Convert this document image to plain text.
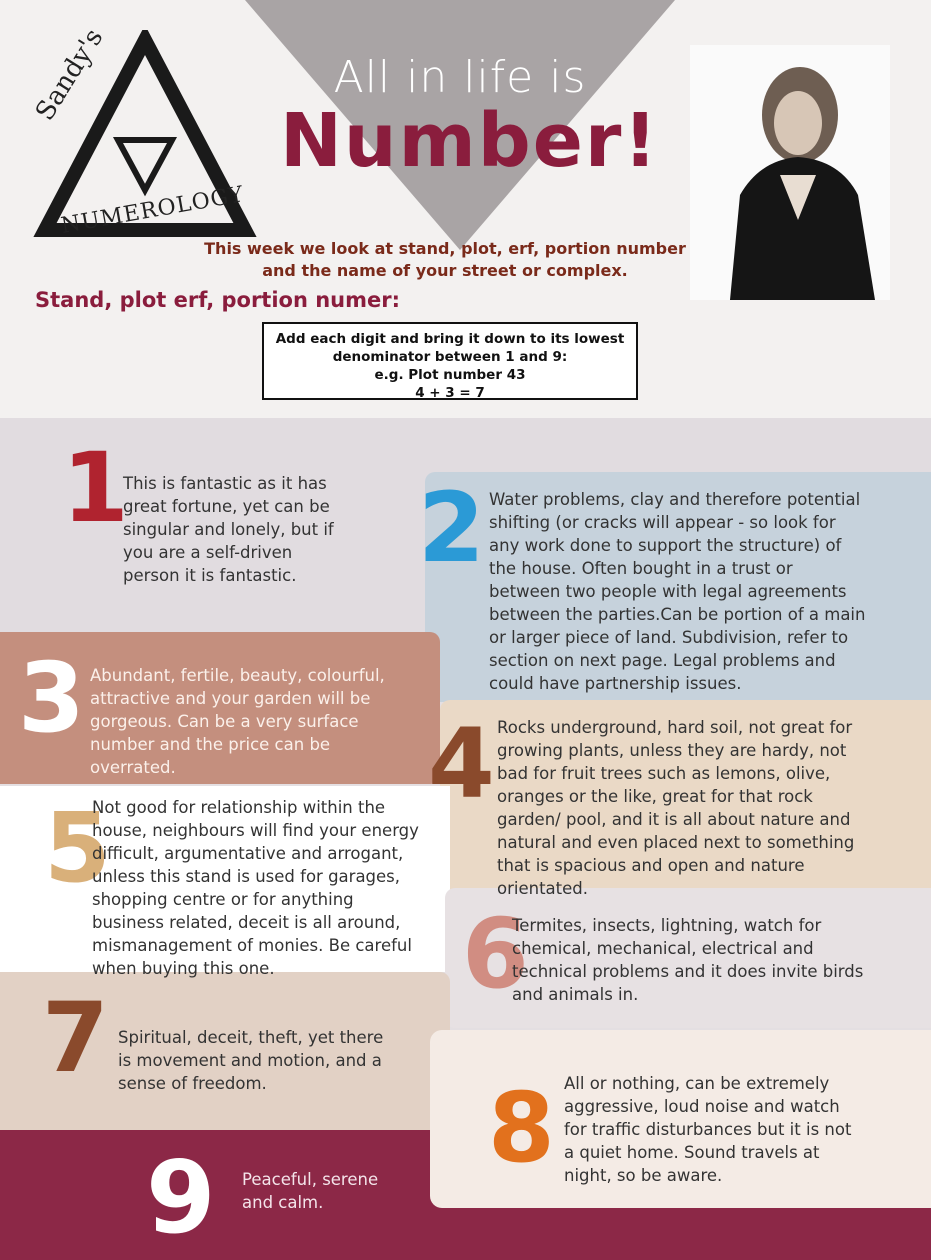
Sandy's
NUMEROLOGY
All in life is
Number!
This week we look at stand, plot, erf, portion number and the name of your street or complex.
Stand, plot erf, portion numer:
Add each digit and bring it down to its lowest
denominator between 1 and 9:
e.g. Plot number 43
4 + 3 = 7
1
This is fantastic as it has great fortune, yet can be singular and lonely, but if you are a self-driven person it is fantastic.	2 Water problems, clay and therefore potential shifting (or cracks will appear - so look for any work done to support the structure) of the house. Often bought in a trust or between two people with legal agreements between the parties.Can be portion of a main or larger piece of land. Subdivision, refer to section on next page. Legal problems and could have partnership issues.
3 Abundant, fertile, beauty, colourful, attractive and your garden will be gorgeous. Can be a very surface number and the price can be overrated.	4 Rocks underground, hard soil, not great for growing plants, unless they are hardy, not bad for fruit trees such as lemons, olive, oranges or the like, great for that rock garden/ pool, and it is all about nature and natural and even placed next to something that is spacious and open and nature orientated.
5
Not good for relationship within the house, neighbours will find your energy difficult, argumentative and arrogant, unless this stand is used for garages, shopping centre or for anything business related, deceit is all around, mismanagement of monies. Be careful when buying this one.	6
Termites, insects, lightning, watch for chemical, mechanical, electrical and technical problems and it does invite birds and animals in.
7 Spiritual, deceit, theft, yet there is movement and motion, and a sense of freedom.	8 All or nothing, can be extremely aggressive, loud noise and watch for traffic disturbances but it is not a quiet home. Sound travels at night, so be aware.
9 Peaceful, serene and calm.
